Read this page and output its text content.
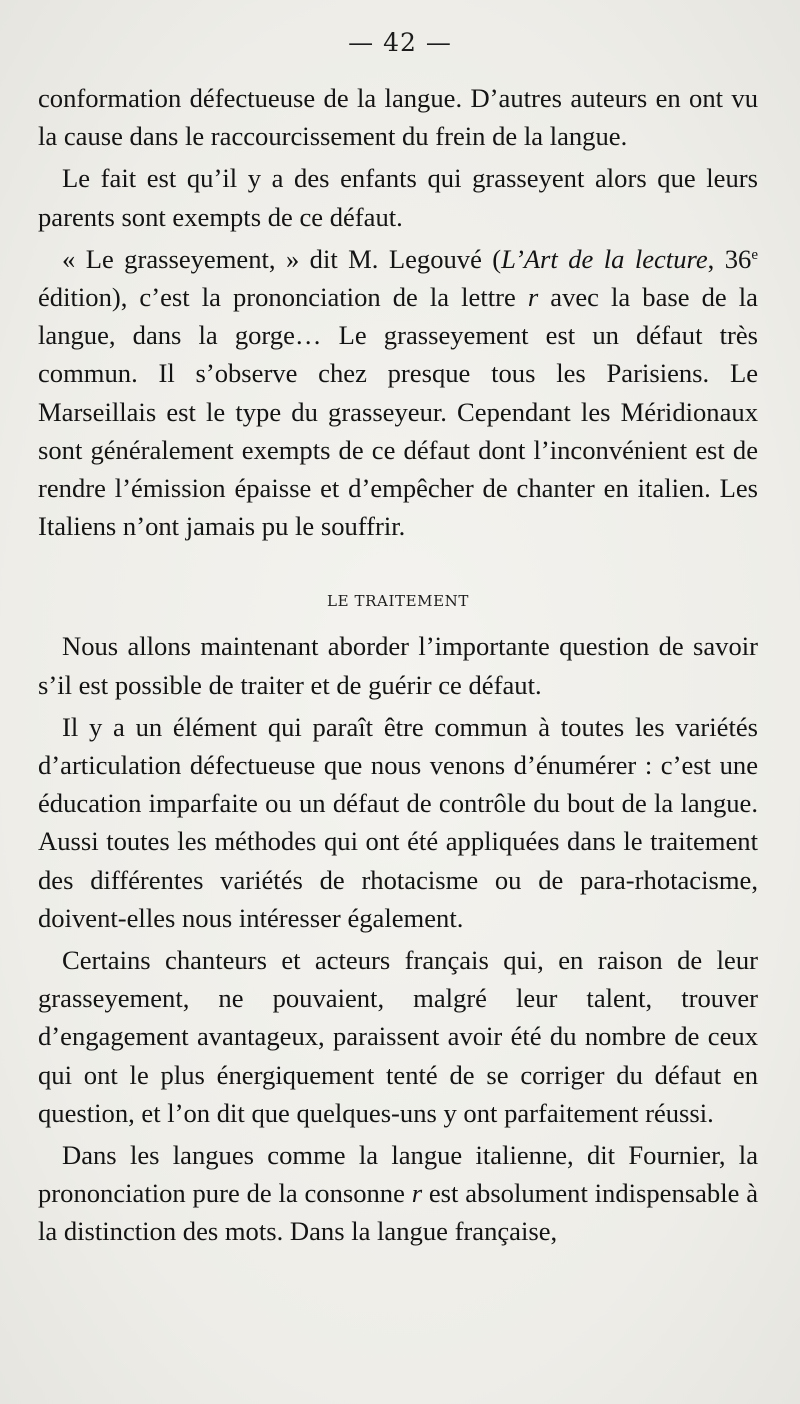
— 42 —

conformation défectueuse de la langue. D’autres auteurs en ont vu la cause dans le raccourcissement du frein de la langue.

Le fait est qu’il y a des enfants qui grasseyent alors que leurs parents sont exempts de ce défaut.

« Le grasseyement, » dit M. Legouvé (L’Art de la lecture, 36e édition), c’est la prononciation de la lettre r avec la base de la langue, dans la gorge… Le grasseyement est un défaut très commun. Il s’observe chez presque tous les Parisiens. Le Marseillais est le type du grasseyeur. Cependant les Méridionaux sont généralement exempts de ce défaut dont l’inconvénient est de rendre l’émission épaisse et d’empêcher de chanter en italien. Les Italiens n’ont jamais pu le souffrir.

LE TRAITEMENT

Nous allons maintenant aborder l’importante question de savoir s’il est possible de traiter et de guérir ce défaut.

Il y a un élément qui paraît être commun à toutes les variétés d’articulation défectueuse que nous venons d’énumérer : c’est une éducation imparfaite ou un défaut de contrôle du bout de la langue. Aussi toutes les méthodes qui ont été appliquées dans le traitement des différentes variétés de rhotacisme ou de para-rhotacisme, doivent-elles nous intéresser également.

Certains chanteurs et acteurs français qui, en raison de leur grasseyement, ne pouvaient, malgré leur talent, trouver d’engagement avantageux, paraissent avoir été du nombre de ceux qui ont le plus énergiquement tenté de se corriger du défaut en question, et l’on dit que quelques-uns y ont parfaitement réussi.

Dans les langues comme la langue italienne, dit Fournier, la prononciation pure de la consonne r est absolument indispensable à la distinction des mots. Dans la langue française,
